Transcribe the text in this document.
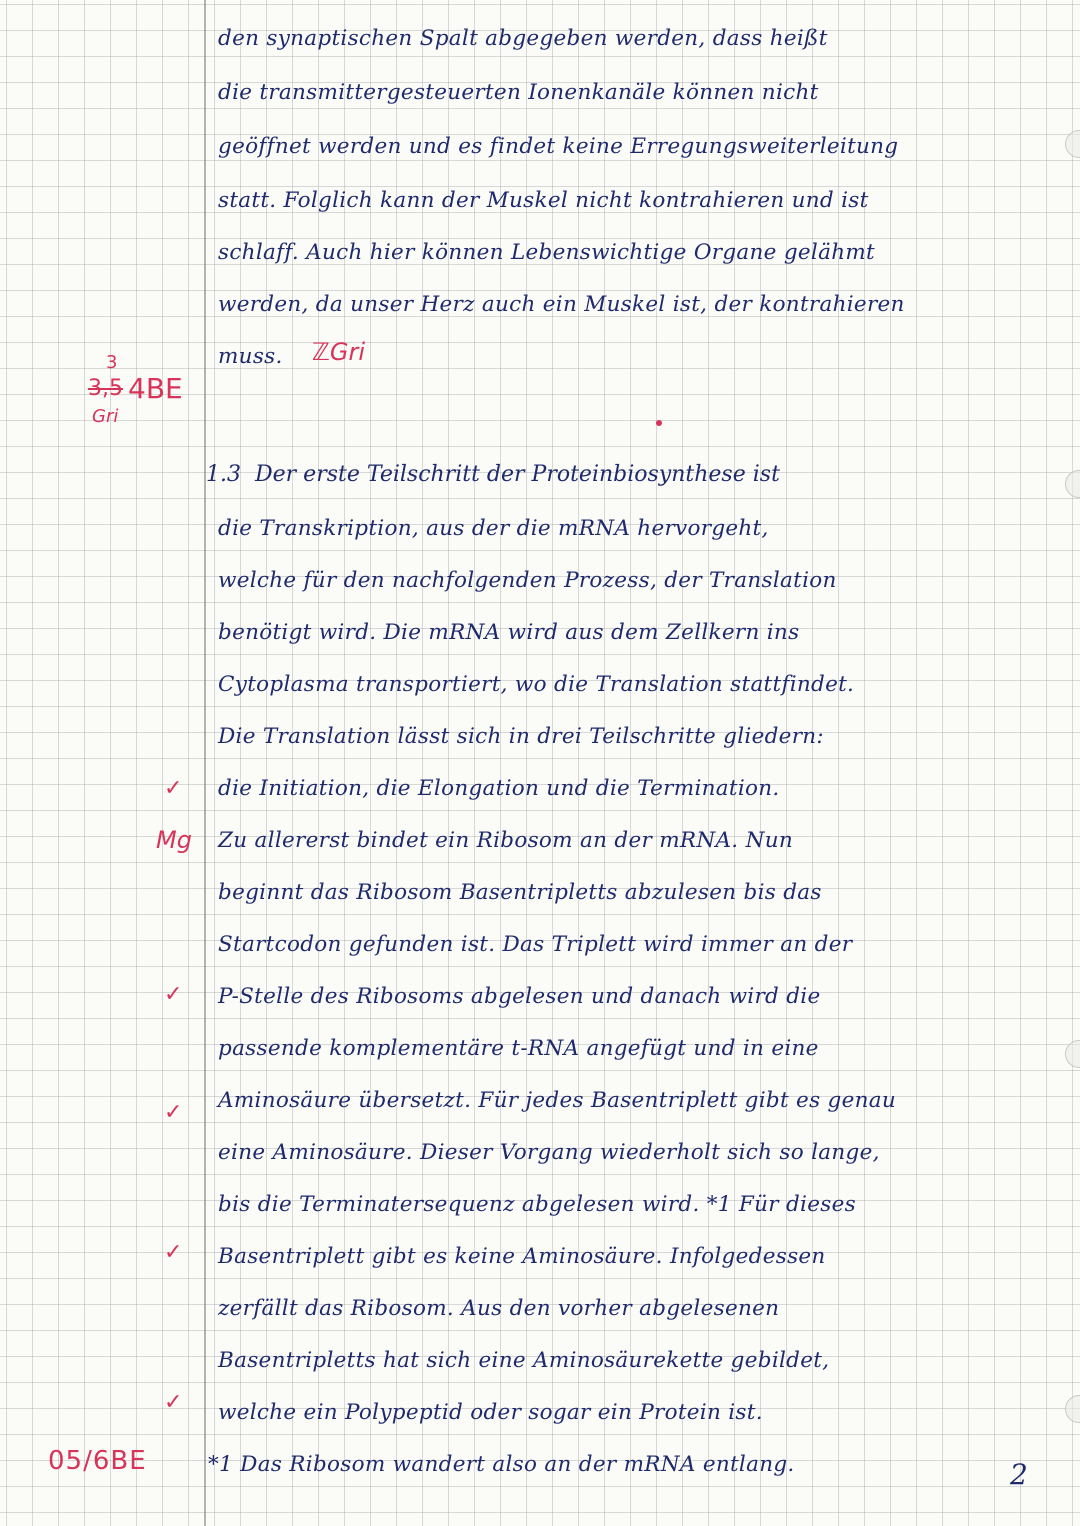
den synaptischen Spalt abgegeben werden, dass heißt
die transmittergesteuerten Ionenkanäle können nicht
geöffnet werden und es findet keine Erregungsweiterleitung
statt. Folglich kann der Muskel nicht kontrahieren und ist
schlaff. Auch hier können Lebenswichtige Organe gelähmt
werden, da unser Herz auch ein Muskel ist, der kontrahieren
muss. ℤGri
3
3,5 4BE
Gri
1.3 Der erste Teilschritt der Proteinbiosynthese ist
die Transkription, aus der die mRNA hervorgeht,
welche für den nachfolgenden Prozess, der Translation
benötigt wird. Die mRNA wird aus dem Zellkern ins
Cytoplasma transportiert, wo die Translation stattfindet.
Die Translation lässt sich in drei Teilschritte gliedern:
die Initiation, die Elongation und die Termination.
Zu allererst bindet ein Ribosom an der mRNA. Nun
beginnt das Ribosom Basentripletts abzulesen bis das
Startcodon gefunden ist. Das Triplett wird immer an der
P-Stelle des Ribosoms abgelesen und danach wird die
passende komplementäre t-RNA angefügt und in eine
Aminosäure übersetzt. Für jedes Basentriplett gibt es genau
eine Aminosäure. Dieser Vorgang wiederholt sich so lange,
bis die Terminatersequenz abgelesen wird. *1 Für dieses
Basentriplett gibt es keine Aminosäure. Infolgedessen
zerfällt das Ribosom. Aus den vorher abgelesenen
Basentripletts hat sich eine Aminosäurekette gebildet,
welche ein Polypeptid oder sogar ein Protein ist.
*1 Das Ribosom wandert also an der mRNA entlang.
✓
Mg
✓
✓
✓
✓
05/6BE	2
